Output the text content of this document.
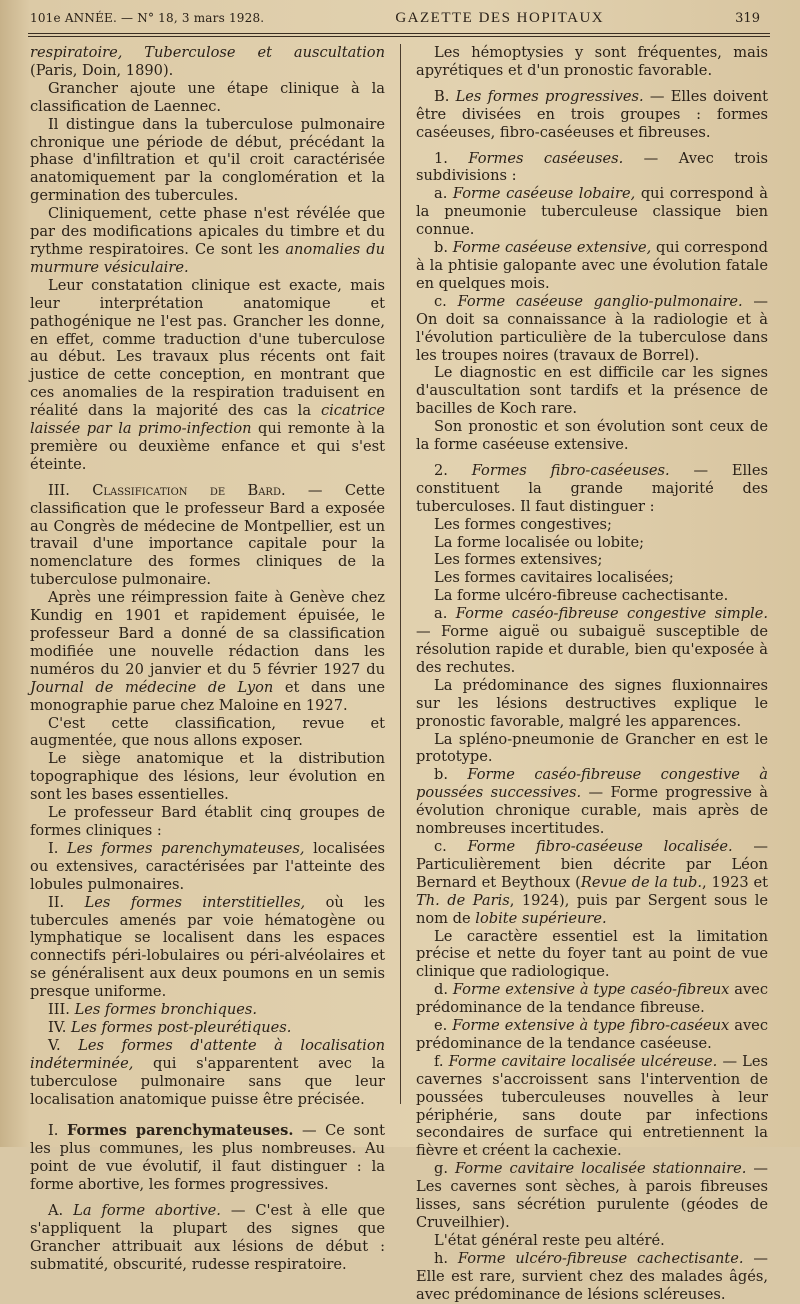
101e ANNÉE. — N° 18, 3 mars 1928.	GAZETTE DES HOPITAUX	319

respiratoire, Tuberculose et auscultation (Paris, Doin, 1890).

Grancher ajoute une étape clinique à la classification de Laennec.

Il distingue dans la tuberculose pulmonaire chronique une période de début, précédant la phase d'infiltration et qu'il croit caractérisée anatomiquement par la conglomération et la germination des tubercules.

Cliniquement, cette phase n'est révélée que par des modifications apicales du timbre et du rythme respiratoires. Ce sont les anomalies du murmure vésiculaire.

Leur constatation clinique est exacte, mais leur interprétation anatomique et pathogénique ne l'est pas. Grancher les donne, en effet, comme traduction d'une tuberculose au début. Les travaux plus récents ont fait justice de cette conception, en montrant que ces anomalies de la respiration traduisent en réalité dans la majorité des cas la cicatrice laissée par la primo-infection qui remonte à la première ou deuxième enfance et qui s'est éteinte.

III. Classification de Bard. — Cette classification que le professeur Bard a exposée au Congrès de médecine de Montpellier, est un travail d'une importance capitale pour la nomenclature des formes cliniques de la tuberculose pulmonaire.

Après une réimpression faite à Genève chez Kundig en 1901 et rapidement épuisée, le professeur Bard a donné de sa classification modifiée une nouvelle rédaction dans les numéros du 20 janvier et du 5 février 1927 du Journal de médecine de Lyon et dans une monographie parue chez Maloine en 1927.

C'est cette classification, revue et augmentée, que nous allons exposer.

Le siège anatomique et la distribution topographique des lésions, leur évolution en sont les bases essentielles.

Le professeur Bard établit cinq groupes de formes cliniques :

I. Les formes parenchymateuses, localisées ou extensives, caractérisées par l'atteinte des lobules pulmonaires.

II. Les formes interstitielles, où les tubercules amenés par voie hématogène ou lymphatique se localisent dans les espaces connectifs péri-lobulaires ou péri-alvéolaires et se généralisent aux deux poumons en un semis presque uniforme.

III. Les formes bronchiques.

IV. Les formes post-pleurétiques.

V. Les formes d'attente à localisation indéterminée, qui s'apparentent avec la tuberculose pulmonaire sans que leur localisation anatomique puisse être précisée.

I. Formes parenchymateuses. — Ce sont les plus communes, les plus nombreuses. Au point de vue évolutif, il faut distinguer : la forme abortive, les formes progressives.

A. La forme abortive. — C'est à elle que s'appliquent la plupart des signes que Grancher attribuait aux lésions de début : submatité, obscurité, rudesse respiratoire.

Les hémoptysies y sont fréquentes, mais apyrétiques et d'un pronostic favorable.

B. Les formes progressives. — Elles doivent être divisées en trois groupes : formes caséeuses, fibro-caséeuses et fibreuses.

1. Formes caséeuses. — Avec trois subdivisions :

a. Forme caséeuse lobaire, qui correspond à la pneumonie tuberculeuse classique bien connue.

b. Forme caséeuse extensive, qui correspond à la phtisie galopante avec une évolution fatale en quelques mois.

c. Forme caséeuse ganglio-pulmonaire. — On doit sa connaissance à la radiologie et à l'évolution particulière de la tuberculose dans les troupes noires (travaux de Borrel).

Le diagnostic en est difficile car les signes d'auscultation sont tardifs et la présence de bacilles de Koch rare.

Son pronostic et son évolution sont ceux de la forme caséeuse extensive.

2. Formes fibro-caséeuses. — Elles constituent la grande majorité des tuberculoses. Il faut distinguer :

Les formes congestives;

La forme localisée ou lobite;

Les formes extensives;

Les formes cavitaires localisées;

La forme ulcéro-fibreuse cachectisante.

a. Forme caséo-fibreuse congestive simple. — Forme aiguë ou subaiguë susceptible de résolution rapide et durable, bien qu'exposée à des rechutes.

La prédominance des signes fluxionnaires sur les lésions destructives explique le pronostic favorable, malgré les apparences.

La spléno-pneumonie de Grancher en est le prototype.

b. Forme caséo-fibreuse congestive à poussées successives. — Forme progressive à évolution chronique curable, mais après de nombreuses incertitudes.

c. Forme fibro-caséeuse localisée. — Particulièrement bien décrite par Léon Bernard et Beythoux (Revue de la tub., 1923 et Th. de Paris, 1924), puis par Sergent sous le nom de lobite supérieure.

Le caractère essentiel est la limitation précise et nette du foyer tant au point de vue clinique que radiologique.

d. Forme extensive à type caséo-fibreux avec prédominance de la tendance fibreuse.

e. Forme extensive à type fibro-caséeux avec prédominance de la tendance caséeuse.

f. Forme cavitaire localisée ulcéreuse. — Les cavernes s'accroissent sans l'intervention de poussées tuberculeuses nouvelles à leur périphérie, sans doute par infections secondaires de surface qui entretiennent la fièvre et créent la cachexie.

g. Forme cavitaire localisée stationnaire. — Les cavernes sont sèches, à parois fibreuses lisses, sans sécrétion purulente (géodes de Cruveilhier).

L'état général reste peu altéré.

h. Forme ulcéro-fibreuse cachectisante. — Elle est rare, survient chez des malades âgés, avec prédominance de lésions scléreuses.
